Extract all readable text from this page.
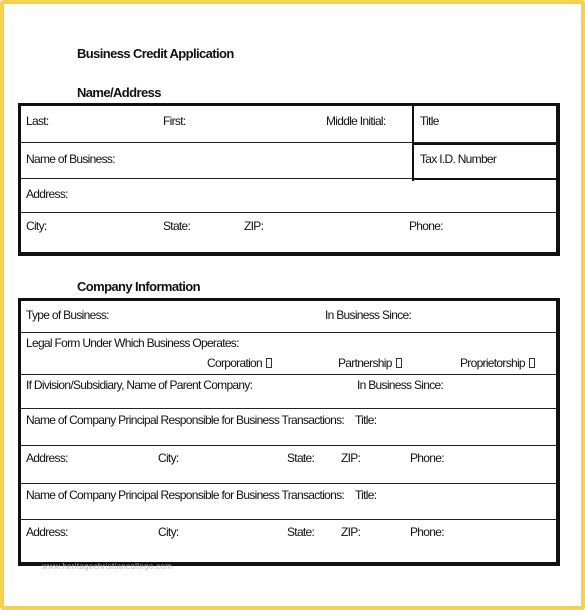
Business Credit Application
Name/Address
Last:	First:	Middle Initial:	Title
Name of Business:	Tax I.D. Number
Address:
City:	State:	ZIP:	Phone:
Company Information
Type of Business:	In Business Since:
Legal Form Under Which Business Operates:
Corporation	Partnership	Proprietorship
If Division/Subsidiary, Name of Parent Company:	In Business Since:
Name of Company Principal Responsible for Business Transactions: Title:
Address:	City:	State: ZIP:	Phone:
Name of Company Principal Responsible for Business Transactions: Title:
Address:	City:	State: ZIP:	Phone:
www.heritagechristiancollege.com
